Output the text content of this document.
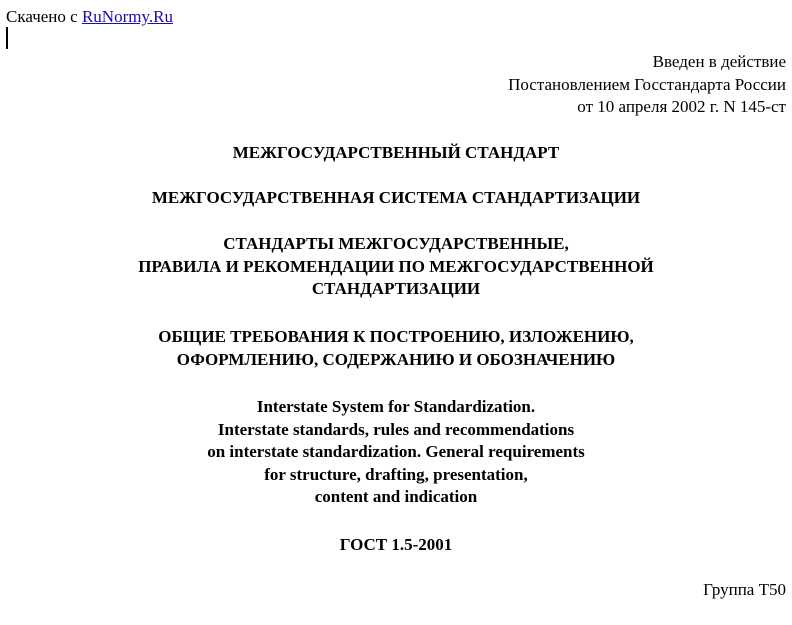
Скачено с RuNormy.Ru
Введен в действие
Постановлением Госстандарта России
от 10 апреля 2002 г. N 145-ст
МЕЖГОСУДАРСТВЕННЫЙ СТАНДАРТ
МЕЖГОСУДАРСТВЕННАЯ СИСТЕМА СТАНДАРТИЗАЦИИ
СТАНДАРТЫ МЕЖГОСУДАРСТВЕННЫЕ,
ПРАВИЛА И РЕКОМЕНДАЦИИ ПО МЕЖГОСУДАРСТВЕННОЙ
СТАНДАРТИЗАЦИИ
ОБЩИЕ ТРЕБОВАНИЯ К ПОСТРОЕНИЮ, ИЗЛОЖЕНИЮ,
ОФОРМЛЕНИЮ, СОДЕРЖАНИЮ И ОБОЗНАЧЕНИЮ
Interstate System for Standardization.
Interstate standards, rules and recommendations
on interstate standardization. General requirements
for structure, drafting, presentation,
content and indication
ГОСТ 1.5-2001
Группа Т50
